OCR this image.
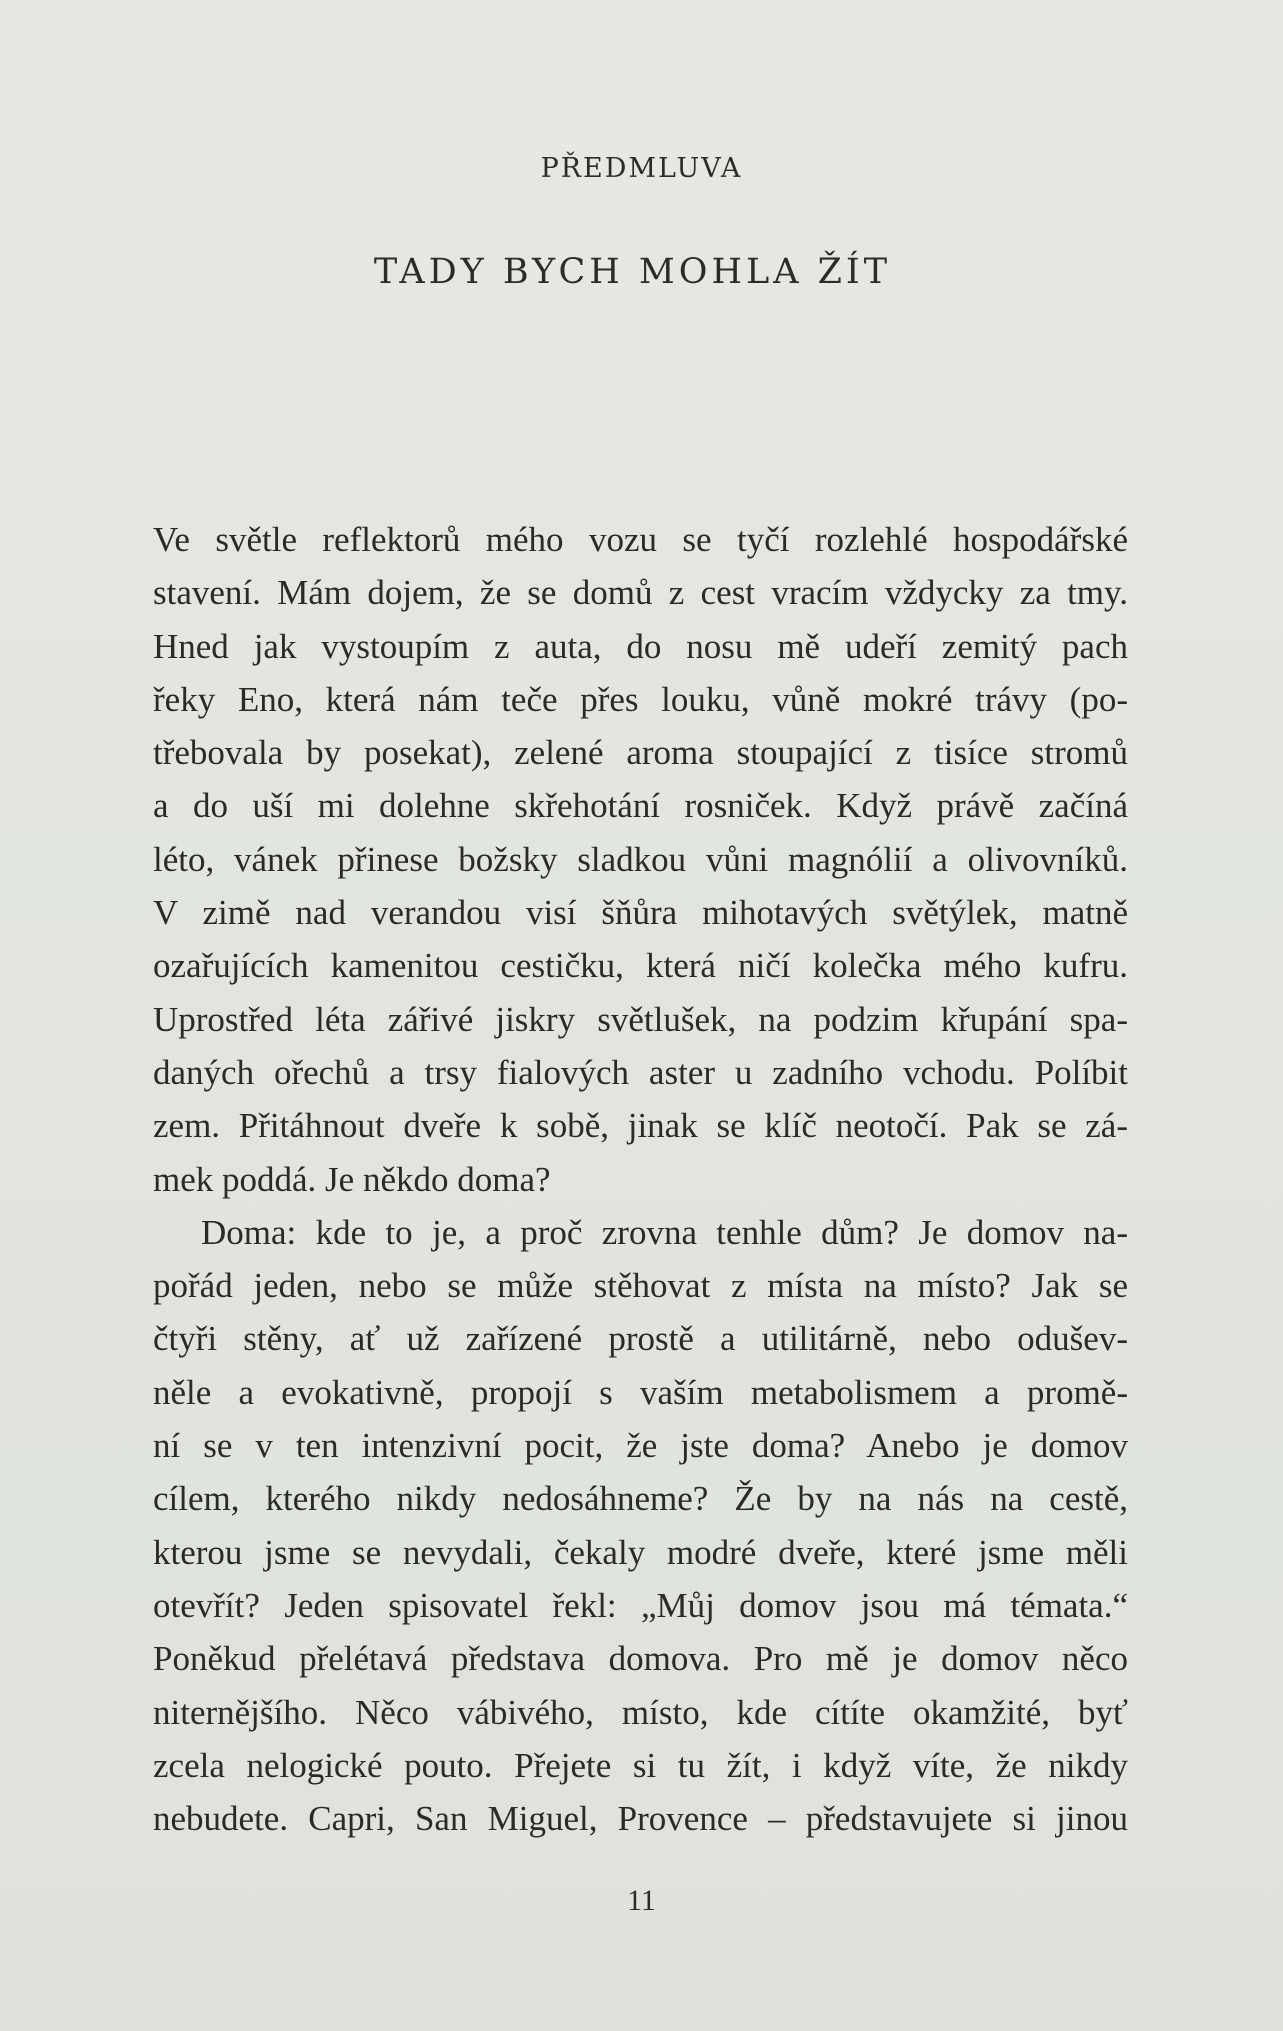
PŘEDMLUVA
TADY BYCH MOHLA ŽÍT
Ve světle reflektorů mého vozu se tyčí rozlehlé hospodářské
stavení. Mám dojem, že se domů z cest vracím vždycky za tmy.
Hned jak vystoupím z auta, do nosu mě udeří zemitý pach
řeky Eno, která nám teče přes louku, vůně mokré trávy (po-
třebovala by posekat), zelené aroma stoupající z tisíce stromů
a do uší mi dolehne skřehotání rosniček. Když právě začíná
léto, vánek přinese božsky sladkou vůni magnólií a olivovníků.
V zimě nad verandou visí šňůra mihotavých světýlek, matně
ozařujících kamenitou cestičku, která ničí kolečka mého kufru.
Uprostřed léta zářivé jiskry světlušek, na podzim křupání spa-
daných ořechů a trsy fialových aster u zadního vchodu. Políbit
zem. Přitáhnout dveře k sobě, jinak se klíč neotočí. Pak se zá-
mek poddá. Je někdo doma?
Doma: kde to je, a proč zrovna tenhle dům? Je domov na-
pořád jeden, nebo se může stěhovat z místa na místo? Jak se
čtyři stěny, ať už zařízené prostě a utilitárně, nebo odušev-
něle a evokativně, propojí s vaším metabolismem a promě-
ní se v ten intenzivní pocit, že jste doma? Anebo je domov
cílem, kterého nikdy nedosáhneme? Že by na nás na cestě,
kterou jsme se nevydali, čekaly modré dveře, které jsme měli
otevřít? Jeden spisovatel řekl: „Můj domov jsou má témata.“
Poněkud přelétavá představa domova. Pro mě je domov něco
niternějšího. Něco vábivého, místo, kde cítíte okamžité, byť
zcela nelogické pouto. Přejete si tu žít, i když víte, že nikdy
nebudete. Capri, San Miguel, Provence – představujete si jinou
11
